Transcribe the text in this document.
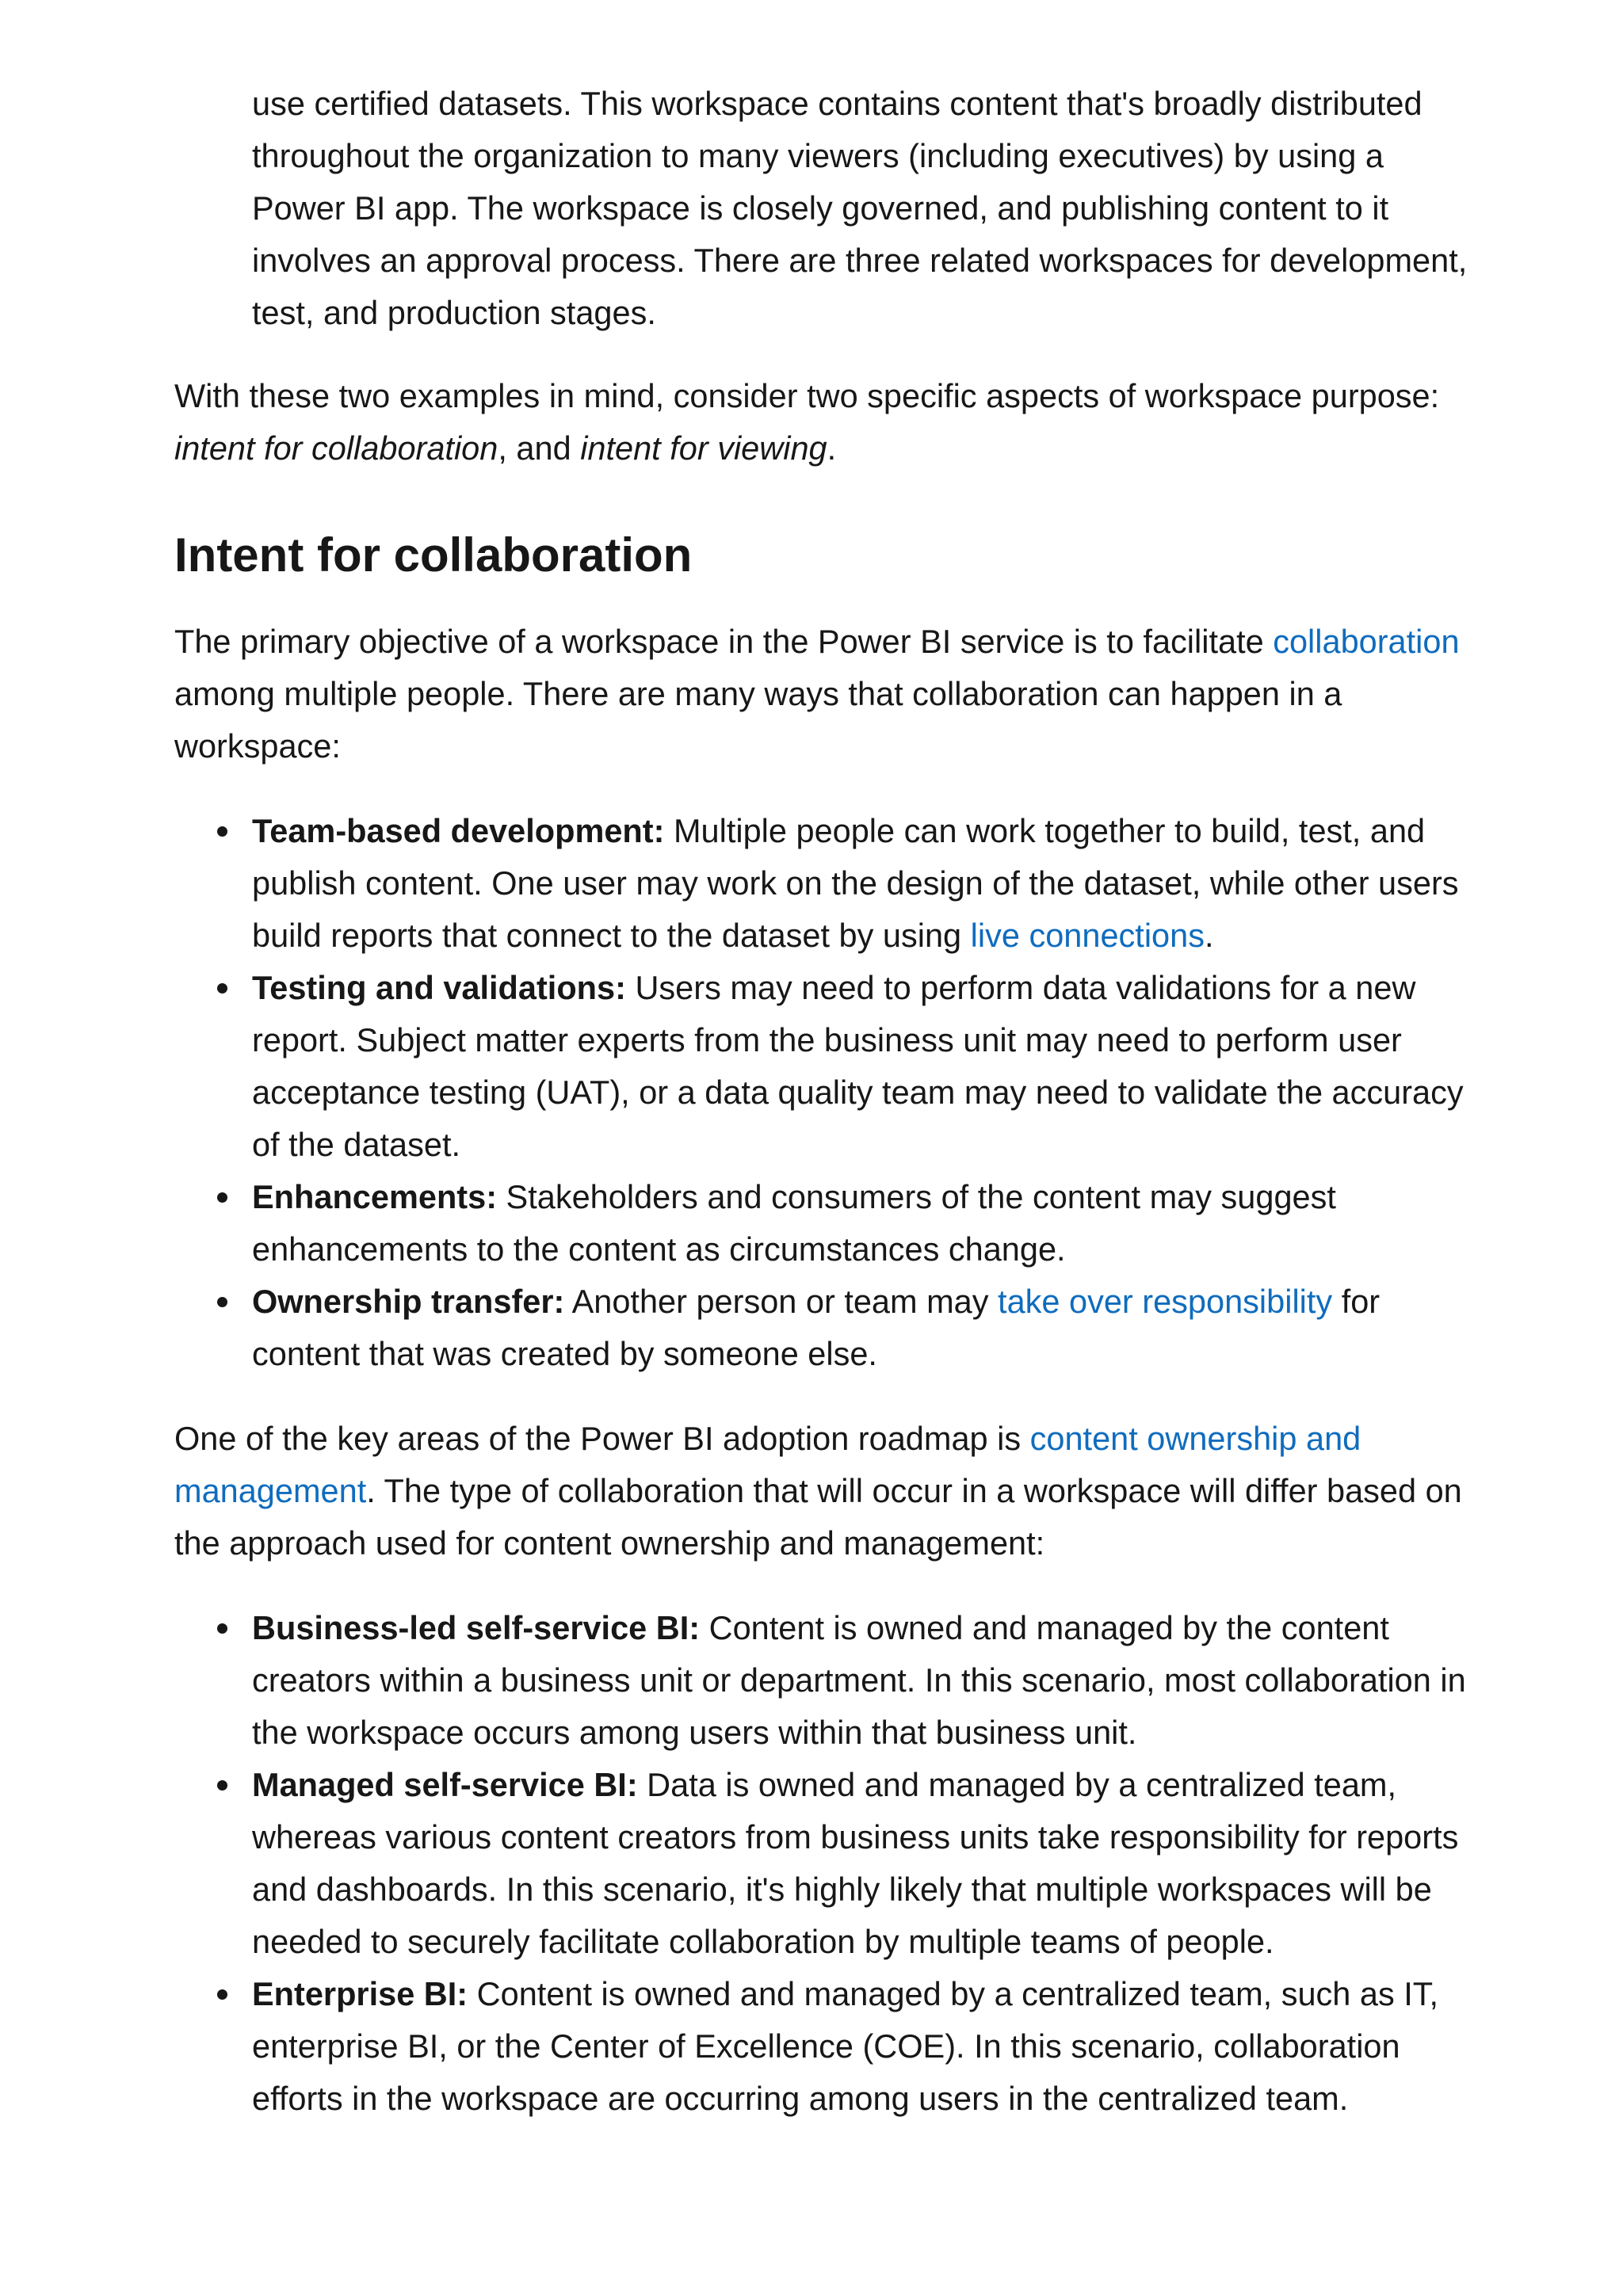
use certified datasets. This workspace contains content that's broadly distributed throughout the organization to many viewers (including executives) by using a Power BI app. The workspace is closely governed, and publishing content to it involves an approval process. There are three related workspaces for development, test, and production stages.

With these two examples in mind, consider two specific aspects of workspace purpose: intent for collaboration, and intent for viewing.

Intent for collaboration

The primary objective of a workspace in the Power BI service is to facilitate collaboration among multiple people. There are many ways that collaboration can happen in a workspace:

Team-based development: Multiple people can work together to build, test, and publish content. One user may work on the design of the dataset, while other users build reports that connect to the dataset by using live connections.
Testing and validations: Users may need to perform data validations for a new report. Subject matter experts from the business unit may need to perform user acceptance testing (UAT), or a data quality team may need to validate the accuracy of the dataset.
Enhancements: Stakeholders and consumers of the content may suggest enhancements to the content as circumstances change.
Ownership transfer: Another person or team may take over responsibility for content that was created by someone else.

One of the key areas of the Power BI adoption roadmap is content ownership and management. The type of collaboration that will occur in a workspace will differ based on the approach used for content ownership and management:

Business-led self-service BI: Content is owned and managed by the content creators within a business unit or department. In this scenario, most collaboration in the workspace occurs among users within that business unit.
Managed self-service BI: Data is owned and managed by a centralized team, whereas various content creators from business units take responsibility for reports and dashboards. In this scenario, it's highly likely that multiple workspaces will be needed to securely facilitate collaboration by multiple teams of people.
Enterprise BI: Content is owned and managed by a centralized team, such as IT, enterprise BI, or the Center of Excellence (COE). In this scenario, collaboration efforts in the workspace are occurring among users in the centralized team.
